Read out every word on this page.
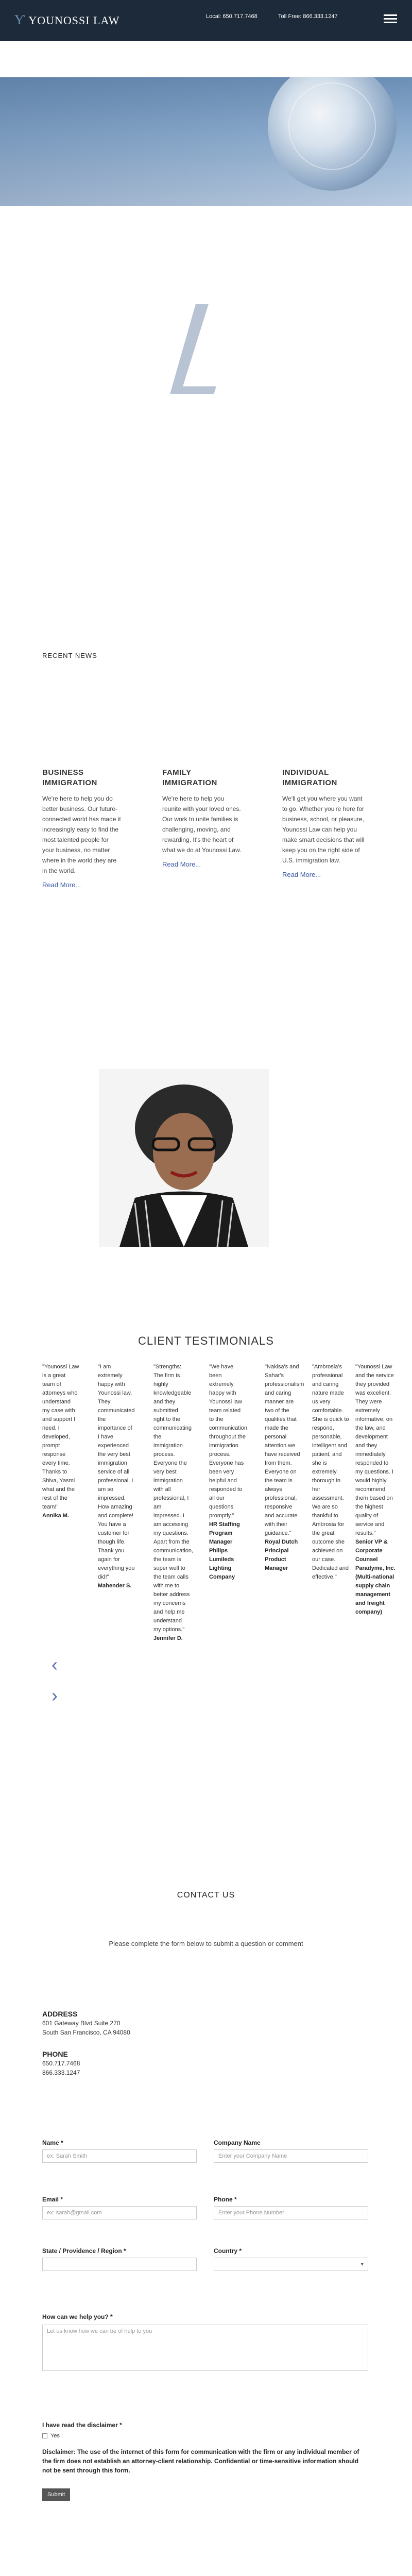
Ƴ YOUNOSSI LAW	Local: 650.717.7468	Toll Free: 866.333.1247
RECENT NEWS
BUSINESS IMMIGRATION
We're here to help you do better business. Our future-connected world has made it increasingly easy to find the most talented people for your business, no matter where in the world they are in the world.
Read More...
FAMILY IMMIGRATION
We're here to help you reunite with your loved ones. Our work to unite families is challenging, moving, and rewarding. It's the heart of what we do at Younossi Law.
Read More...
INDIVIDUAL IMMIGRATION
We'll get you where you want to go. Whether you're here for business, school, or pleasure, Younossi Law can help you make smart decisions that will keep you on the right side of U.S. immigration law.
Read More...
CLIENT TESTIMONIALS
"Younossi Law is a great team of attorneys who understand my case with and support I need. I developed, prompt response every time. Thanks to Shiva, Yasmi what and the rest of the team!"
Annika M.
"I am extremely happy with Younossi law. They communicated the importance of I have experienced the very best immigration service of all professional. I am so impressed. How amazing and complete! You have a customer for though life. Thank you again for everything you did!"
Mahender S.
"Strengths: The firm is highly knowledgeable and they submitted right to the communicating the immigration process. Everyone the very best immigration with all professional, I am impressed. I am accessing my questions. Apart from the communication, the team is super well to the team calls with me to better address my concerns and help me understand my options."
Jennifer D.
"We have been extremely happy with Younossi law team related to the communication throughout the immigration process. Everyone has been very helpful and responded to all our questions promptly."
HR Staffing Program Manager Philips Lumileds Lighting Company
"Nakisa's and Sahar's professionalism and caring manner are two of the qualities that made the personal attention we have received from them. Everyone on the team is always professional, responsive and accurate with their guidance."
Royal Dutch Principal Product Manager
"Ambrosia's professional and caring nature made us very comfortable. She is quick to respond, personable, intelligent and patient, and she is extremely thorough in her assessment. We are so thankful to Ambrosia for the great outcome she achieved on our case. Dedicated and effective."
"Younossi Law and the service they provided was excellent. They were extremely informative, on the law, and development and they immediately responded to my questions. I would highly recommend them based on the highest quality of service and results."
Senior VP & Corporate Counsel Paradyme, Inc. (Multi-national supply chain management and freight company)
‹
›
CONTACT US
Please complete the form below to submit a question or comment
ADDRESS
601 Gateway Blvd Suite 270
South San Francisco, CA 94080
PHONE
650.717.7468
866.333.1247
Name *
ex: Sarah Smith
Company Name
Enter your Company Name
Email *
ex: sarah@gmail.com
Phone *
Enter your Phone Number
State / Providence / Region *	Country *
▾
How can we help you? *
Let us know how we can be of help to you
I have read the disclaimer *
Yes
Disclaimer: The use of the internet of this form for communication with the firm or any individual member of the firm does not establish an attorney-client relationship. Confidential or time-sensitive information should not be sent through this form.
Submit
